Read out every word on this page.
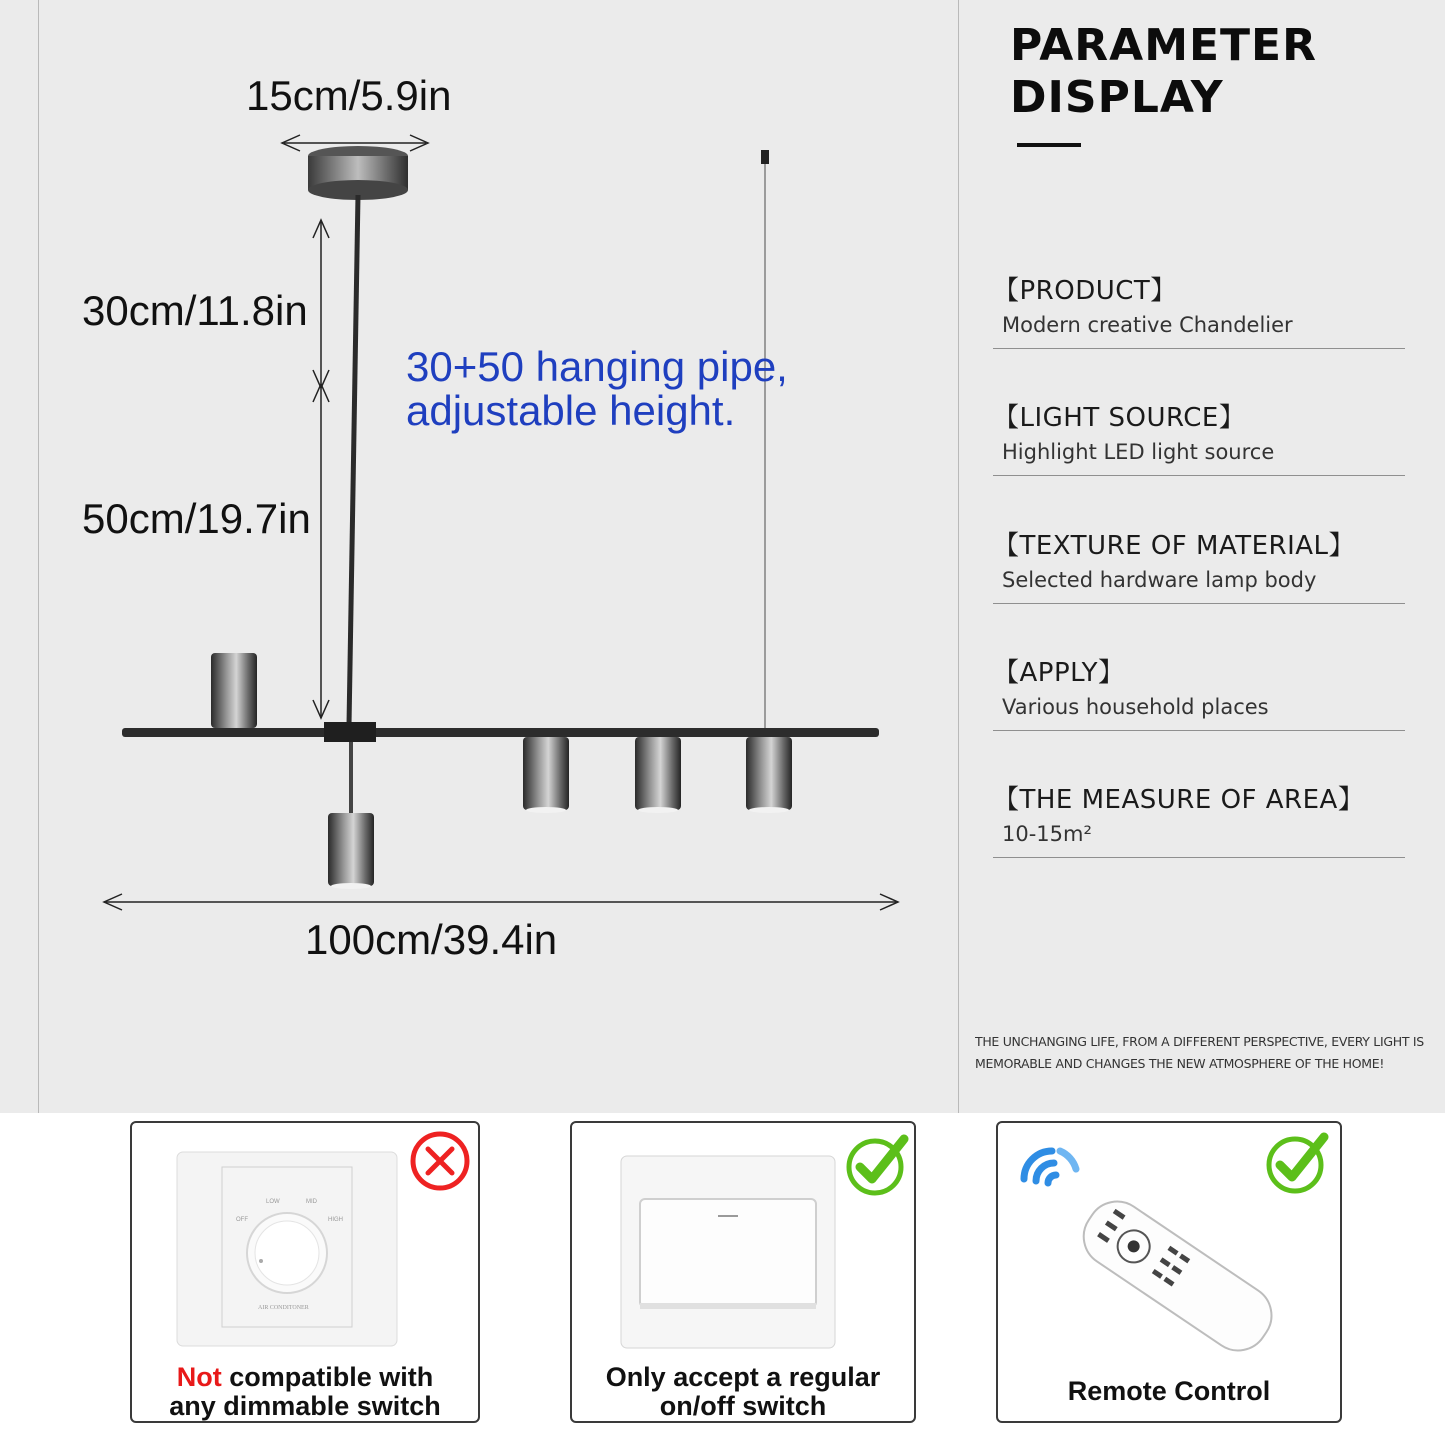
15cm/5.9in
30cm/11.8in
50cm/19.7in
100cm/39.4in
30+50 hanging pipe,
adjustable height.
PARAMETER
DISPLAY
【PRODUCT】
Modern creative Chandelier
【LIGHT SOURCE】
Highlight LED light source
【TEXTURE OF MATERIAL】
Selected hardware lamp body
【APPLY】
Various household places
【THE MEASURE OF AREA】
10-15m²
THE UNCHANGING LIFE, FROM A DIFFERENT PERSPECTIVE, EVERY LIGHT IS
MEMORABLE AND CHANGES THE NEW ATMOSPHERE OF THE HOME!
LOW	MID
OFF	HIGH
AIR CONDITONER
Not compatible with
any dimmable switch
Only accept a regular
on/off switch	Remote Control
